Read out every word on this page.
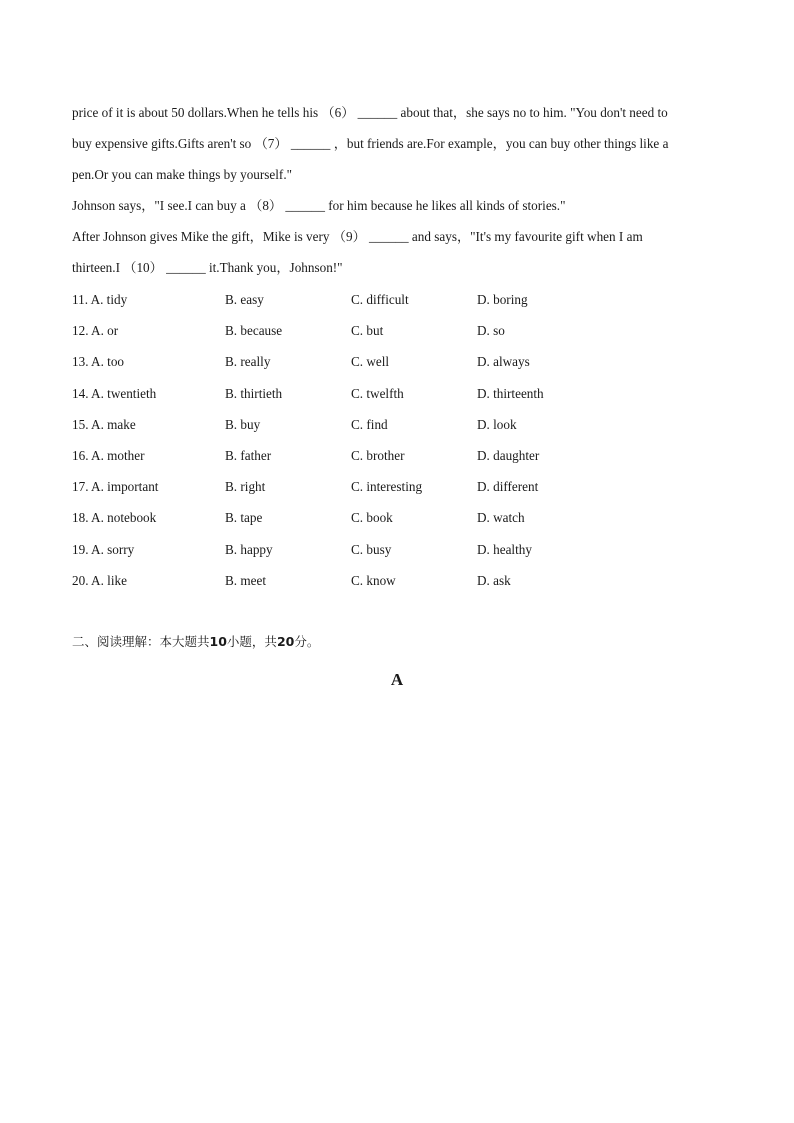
price of it is about 50 dollars.When he tells his （6） ______ about that，she says no to him. "You don't need to
buy expensive gifts.Gifts aren't so （7） ______ ，but friends are.For example，you can buy other things like a
pen.Or you can make things by yourself."
Johnson says，"I see.I can buy a （8） ______ for him because he likes all kinds of stories."
After Johnson gives Mike the gift，Mike is very （9） ______ and says，"It's my favourite gift when I am
thirteen.I （10） ______ it.Thank you，Johnson!"
11. A. tidy	B. easy	C. difficult	D. boring
12. A. or	B. because	C. but	D. so
13. A. too	B. really	C. well	D. always
14. A. twentieth	B. thirtieth	C. twelfth	D. thirteenth
15. A. make	B. buy	C. find	D. look
16. A. mother	B. father	C. brother	D. daughter
17. A. important	B. right	C. interesting	D. different
18. A. notebook	B. tape	C. book	D. watch
19. A. sorry	B. happy	C. busy	D. healthy
20. A. like	B. meet	C. know	D. ask
二、阅读理解：本大题共10小题，共20分。
A
